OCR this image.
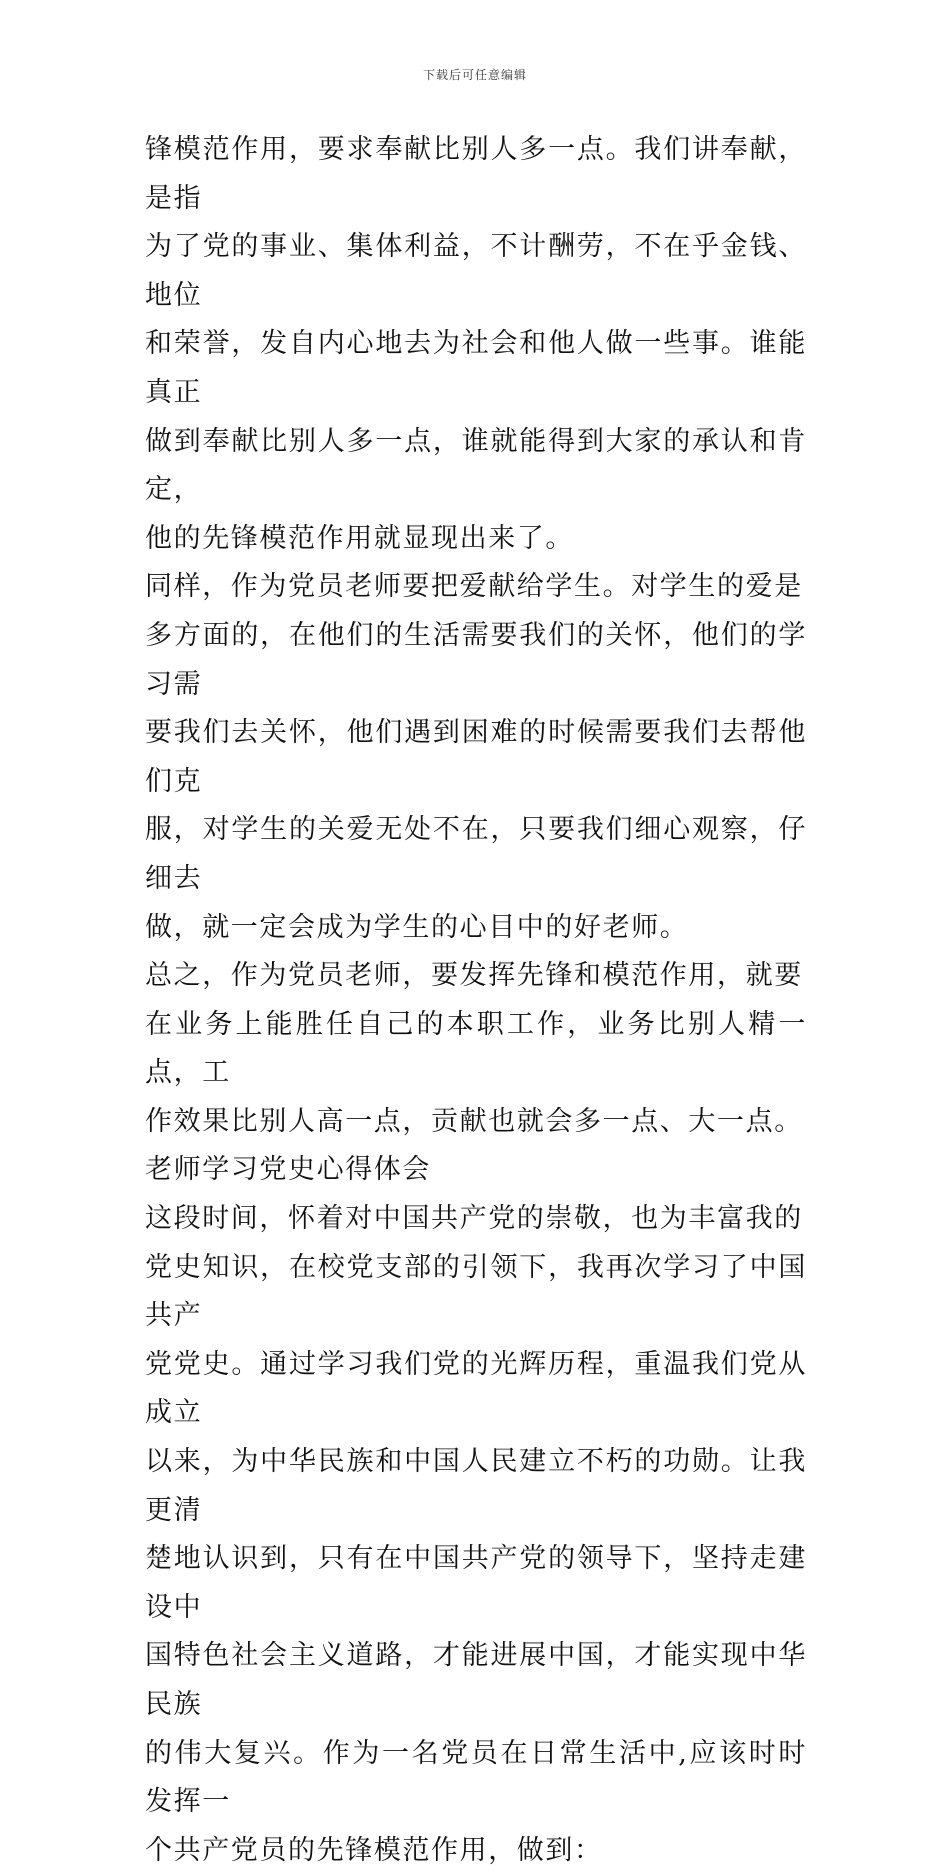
下载后可任意编辑

锋模范作用，要求奉献比别人多一点。我们讲奉献，是指
为了党的事业、集体利益，不计酬劳，不在乎金钱、地位
和荣誉，发自内心地去为社会和他人做一些事。谁能真正
做到奉献比别人多一点，谁就能得到大家的承认和肯定，
他的先锋模范作用就显现出来了。

同样，作为党员老师要把爱献给学生。对学生的爱是
多方面的，在他们的生活需要我们的关怀，他们的学习需
要我们去关怀，他们遇到困难的时候需要我们去帮他们克
服，对学生的关爱无处不在，只要我们细心观察，仔细去
做，就一定会成为学生的心目中的好老师。

总之，作为党员老师，要发挥先锋和模范作用，就要
在业务上能胜任自己的本职工作，业务比别人精一点，工
作效果比别人高一点，贡献也就会多一点、大一点。

老师学习党史心得体会

这段时间，怀着对中国共产党的崇敬，也为丰富我的
党史知识，在校党支部的引领下，我再次学习了中国共产
党党史。通过学习我们党的光辉历程，重温我们党从成立
以来，为中华民族和中国人民建立不朽的功勋。让我更清
楚地认识到，只有在中国共产党的领导下，坚持走建设中
国特色社会主义道路，才能进展中国，才能实现中华民族
的伟大复兴。作为一名党员在日常生活中,应该时时发挥一
个共产党员的先锋模范作用，做到：
